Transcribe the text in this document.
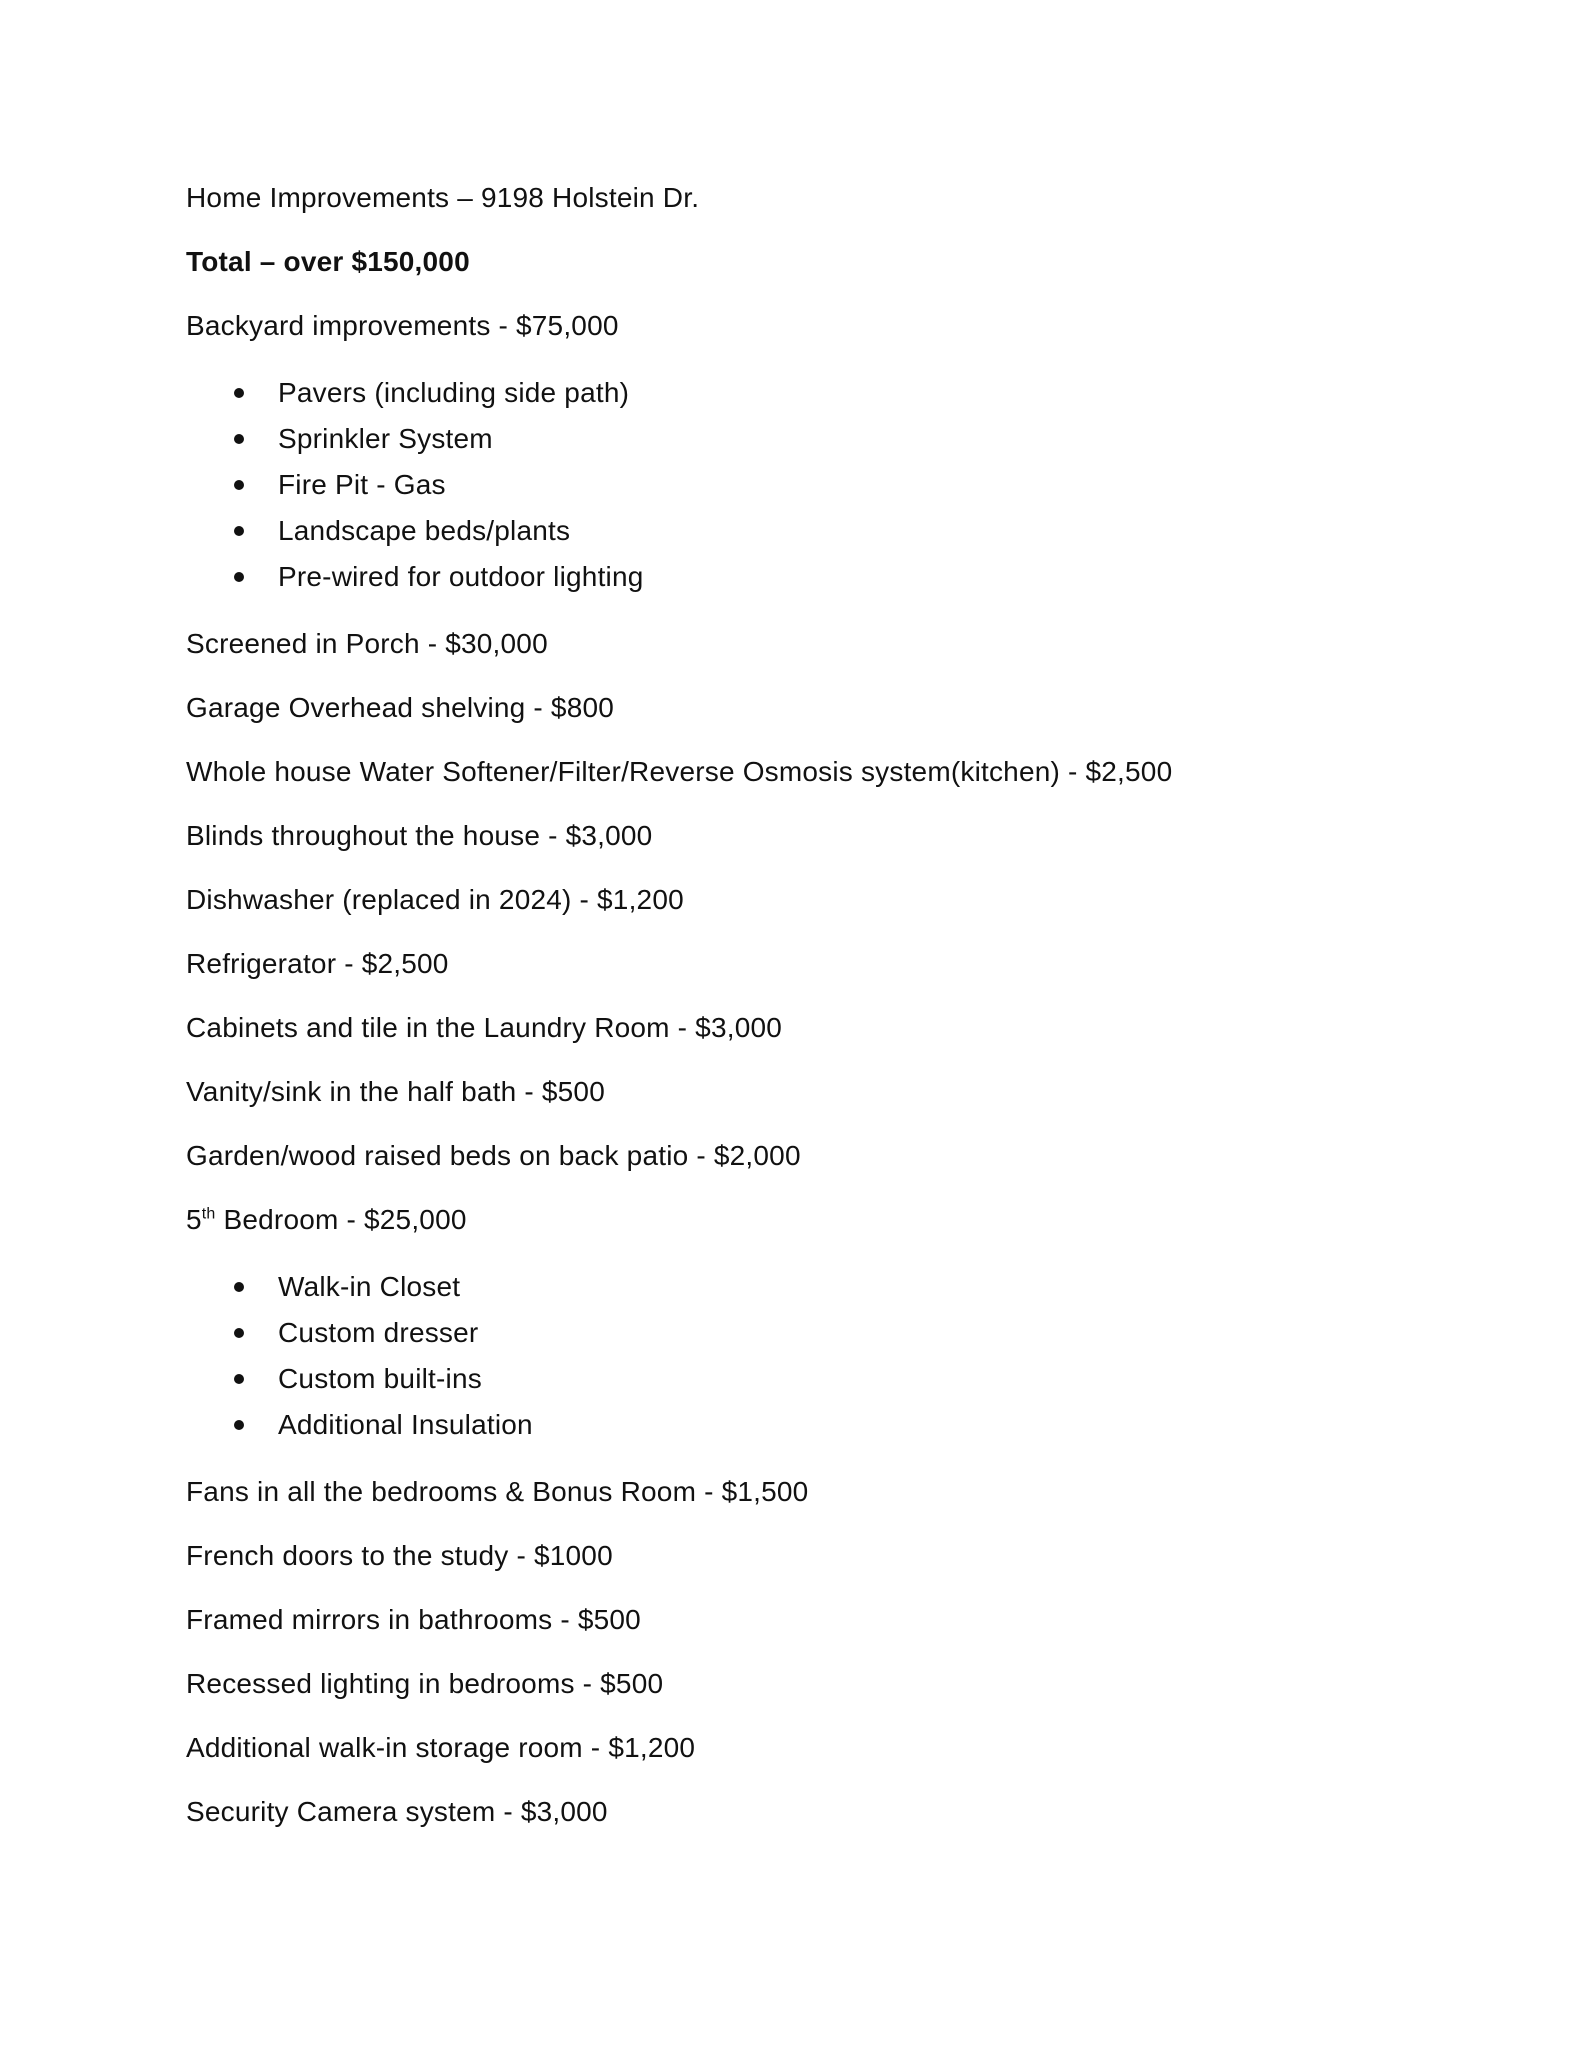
Home Improvements – 9198 Holstein Dr.

Total – over $150,000

Backyard improvements - $75,000

Pavers (including side path)
Sprinkler System
Fire Pit - Gas
Landscape beds/plants
Pre-wired for outdoor lighting

Screened in Porch - $30,000

Garage Overhead shelving - $800

Whole house Water Softener/Filter/Reverse Osmosis system(kitchen) - $2,500

Blinds throughout the house - $3,000

Dishwasher (replaced in 2024) - $1,200

Refrigerator - $2,500

Cabinets and tile in the Laundry Room - $3,000

Vanity/sink in the half bath - $500

Garden/wood raised beds on back patio - $2,000

5th Bedroom - $25,000

Walk-in Closet
Custom dresser
Custom built-ins
Additional Insulation

Fans in all the bedrooms & Bonus Room - $1,500

French doors to the study - $1000

Framed mirrors in bathrooms - $500

Recessed lighting in bedrooms - $500

Additional walk-in storage room - $1,200

Security Camera system - $3,000
